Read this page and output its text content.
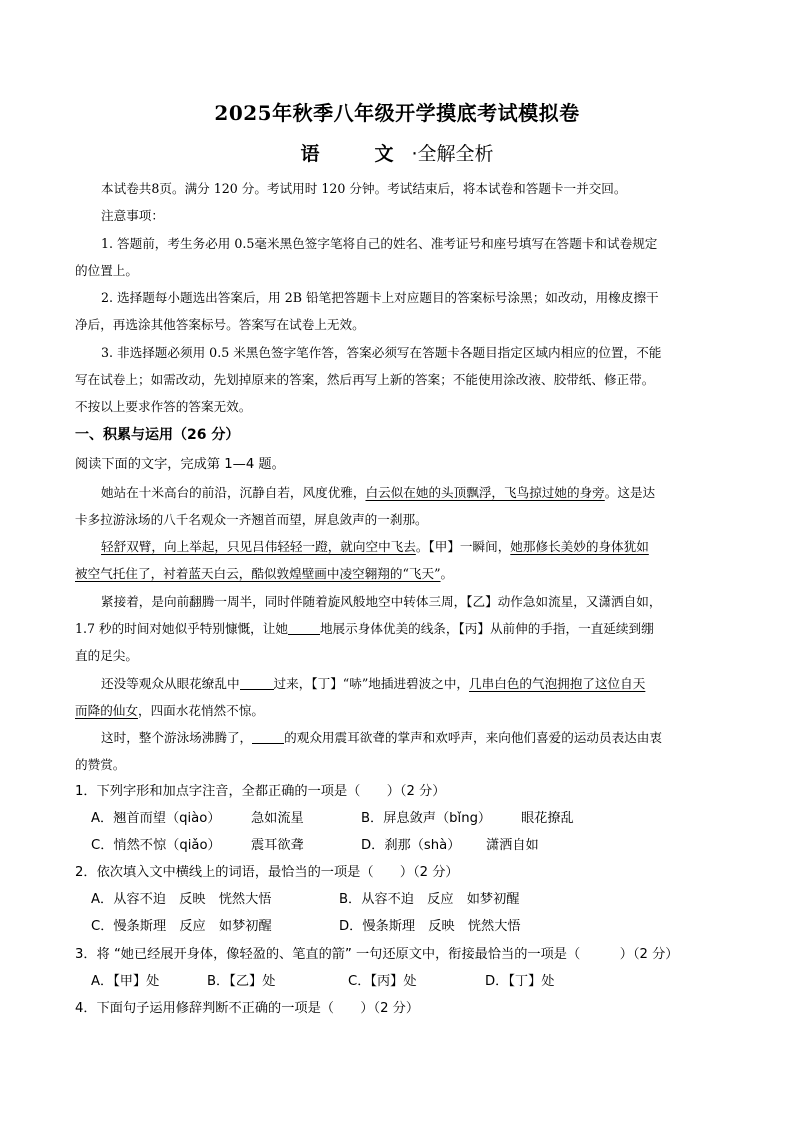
2025年秋季八年级开学摸底考试模拟卷
语　文·全解全析
本试卷共8页。满分 120 分。考试用时 120 分钟。考试结束后，将本试卷和答题卡一并交回。
注意事项：
1. 答题前，考生务必用 0.5毫米黑色签字笔将自己的姓名、准考证号和座号填写在答题卡和试卷规定
的位置上。
2. 选择题每小题选出答案后，用 2B 铅笔把答题卡上对应题目的答案标号涂黑；如改动，用橡皮擦干
净后，再选涂其他答案标号。答案写在试卷上无效。
3. 非选择题必须用 0.5 米黑色签字笔作答，答案必须写在答题卡各题目指定区域内相应的位置，不能
写在试卷上；如需改动，先划掉原来的答案，然后再写上新的答案；不能使用涂改液、胶带纸、修正带。
不按以上要求作答的答案无效。
一、积累与运用（26 分）
阅读下面的文字，完成第 1—4 题。
她站在十米高台的前沿，沉静自若，风度优雅，白云似在她的头顶飘浮，飞鸟掠过她的身旁。这是达
卡多拉游泳场的八千名观众一齐翘首而望，屏息敛声的一刹那。
轻舒双臂，向上举起，只见吕伟轻轻一蹬，就向空中飞去。【甲】一瞬间，她那修长美妙的身体犹如
被空气托住了，衬着蓝天白云，酷似敦煌壁画中凌空翱翔的“飞天”。
紧接着，是向前翻腾一周半，同时伴随着旋风般地空中转体三周，【乙】动作急如流星，又潇洒自如，
1.7 秒的时间对她似乎特别慷慨，让她	地展示身体优美的线条，【丙】从前伸的手指，一直延续到绷
直的足尖。
还没等观众从眼花缭乱中	过来，【丁】“哧”地插进碧波之中，几串白色的气泡拥抱了这位自天
而降的仙女，四面水花悄然不惊。
这时，整个游泳场沸腾了，	的观众用震耳欲聋的掌声和欢呼声，来向他们喜爱的运动员表达由衷
的赞赏。
1．下列字形和加点字注音，全都正确的一项是（　　）（2 分）
A．翘首而望（qiào） 急如流星	B．屏息敛声（bǐng） 眼花撩乱
C．悄然不惊（qiǎo） 震耳欲聋	D．刹那（shà） 潇洒自如
2．依次填入文中横线上的词语，最恰当的一项是（　　）（2 分）
A．从容不迫　反映　恍然大悟	B．从容不迫　反应　如梦初醒
C．慢条斯理　反应　如梦初醒	D．慢条斯理　反映　恍然大悟
3．将 “她已经展开身体，像轻盈的、笔直的箭” 一句还原文中，衔接最恰当的一项是（　　　）（2 分）
A．【甲】处	B．【乙】处	C．【丙】处	D．【丁】处
4．下面句子运用修辞判断不正确的一项是（　　）（2 分）
